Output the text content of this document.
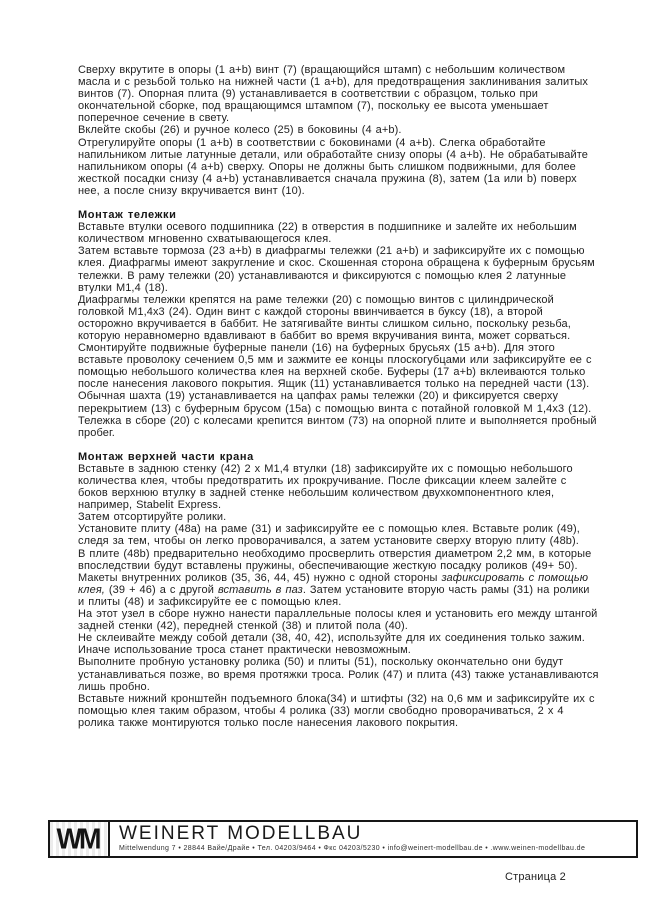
Сверху вкрутите в опоры (1 a+b) винт (7) (вращающийся штамп) с небольшим количеством масла и с резьбой только на нижней части (1 a+b), для предотвращения заклинивания залитых винтов (7). Опорная плита (9) устанавливается в соответствии с образцом, только при окончательной сборке, под вращающимся штампом (7), поскольку ее высота уменьшает поперечное сечение в свету.

Вклейте скобы (26) и ручное колесо (25) в боковины (4 a+b).

Отрегулируйте опоры (1 a+b) в соответствии с боковинами (4 a+b). Слегка обработайте напильником литые латунные детали, или обработайте снизу опоры (4 a+b). Не обрабатывайте напильником опоры (4 a+b) сверху. Опоры не должны быть слишком подвижными, для более жесткой посадки снизу (4 a+b) устанавливается сначала пружина (8), затем (1a или b) поверх нее, а после снизу вкручивается винт (10).

Монтаж тележки

Вставьте втулки осевого подшипника (22) в отверстия в подшипнике и залейте их небольшим количеством мгновенно схватывающегося клея.

Затем вставьте тормоза (23 a+b) в диафрагмы тележки (21 a+b) и зафиксируйте их с помощью клея. Диафрагмы имеют закругление и скос. Скошенная сторона обращена к буферным брусьям тележки. В раму тележки (20) устанавливаются и фиксируются с помощью клея 2 латунные втулки М1,4 (18).

Диафрагмы тележки крепятся на раме тележки (20) с помощью винтов с цилиндрической головкой М1,4х3 (24). Один винт с каждой стороны ввинчивается в буксу (18), а второй осторожно вкручивается в баббит. Не затягивайте винты слишком сильно, поскольку резьба, которую неравномерно вдавливают в баббит во время вкручивания винта, может сорваться.

Смонтируйте подвижные буферные панели (16) на буферных брусьях (15 a+b). Для этого вставьте проволоку сечением 0,5 мм и зажмите ее концы плоскогубцами или зафиксируйте ее с помощью небольшого количества клея на верхней скобе. Буферы (17 a+b) вклеиваются только после нанесения лакового покрытия. Ящик (11) устанавливается только на передней части (13).

Обычная шахта (19) устанавливается на цапфах рамы тележки (20) и фиксируется сверху перекрытием (13) с буферным брусом (15a) с помощью винта с потайной головкой М 1,4х3 (12).

Тележка в сборе (20) с колесами крепится винтом (73) на опорной плите и выполняется пробный пробег.

Монтаж верхней части крана

Вставьте в заднюю стенку (42) 2 х М1,4 втулки (18) зафиксируйте их с помощью небольшого количества клея, чтобы предотвратить их прокручивание. После фиксации клеем залейте с боков верхнюю втулку в задней стенке небольшим количеством двухкомпонентного клея, например, Stabelit Express.

Затем отсортируйте ролики.

Установите плиту (48а) на раме (31) и зафиксируйте ее с помощью клея. Вставьте ролик (49), следя за тем, чтобы он легко проворачивался, а затем установите сверху вторую плиту (48b).

В плите (48b) предварительно необходимо просверлить отверстия диаметром 2,2 мм, в которые впоследствии будут вставлены пружины, обеспечивающие жесткую посадку роликов (49+ 50).

Макеты внутренних роликов (35, 36, 44, 45) нужно с одной стороны зафиксировать с помощью клея, (39 + 46) а с другой вставить в паз. Затем установите вторую часть рамы (31) на ролики и плиты (48) и зафиксируйте ее с помощью клея.

На этот узел в сборе нужно нанести параллельные полосы клея и установить его между штангой задней стенки (42), передней стенкой (38) и плитой пола (40).

Не склеивайте между собой детали (38, 40, 42), используйте для их соединения только зажим. Иначе использование троса станет практически невозможным.

Выполните пробную установку ролика (50) и плиты (51), поскольку окончательно они будут устанавливаться позже, во время протяжки троса. Ролик (47) и плита (43) также устанавливаются лишь пробно.

Вставьте нижний кронштейн подъемного блока(34) и штифты (32) на 0,6 мм и зафиксируйте их с помощью клея таким образом, чтобы 4 ролика (33) могли свободно проворачиваться, 2 х 4 ролика также монтируются только после нанесения лакового покрытия.

WM WEINERT MODELLBAU
Mittelwendung 7 • 28844 Вайе/Драйе • Тел. 04203/9464 • Фкс 04203/5230 • info@weinert-modellbau.de • .www.weinen-modellbau.de
Страница 2
